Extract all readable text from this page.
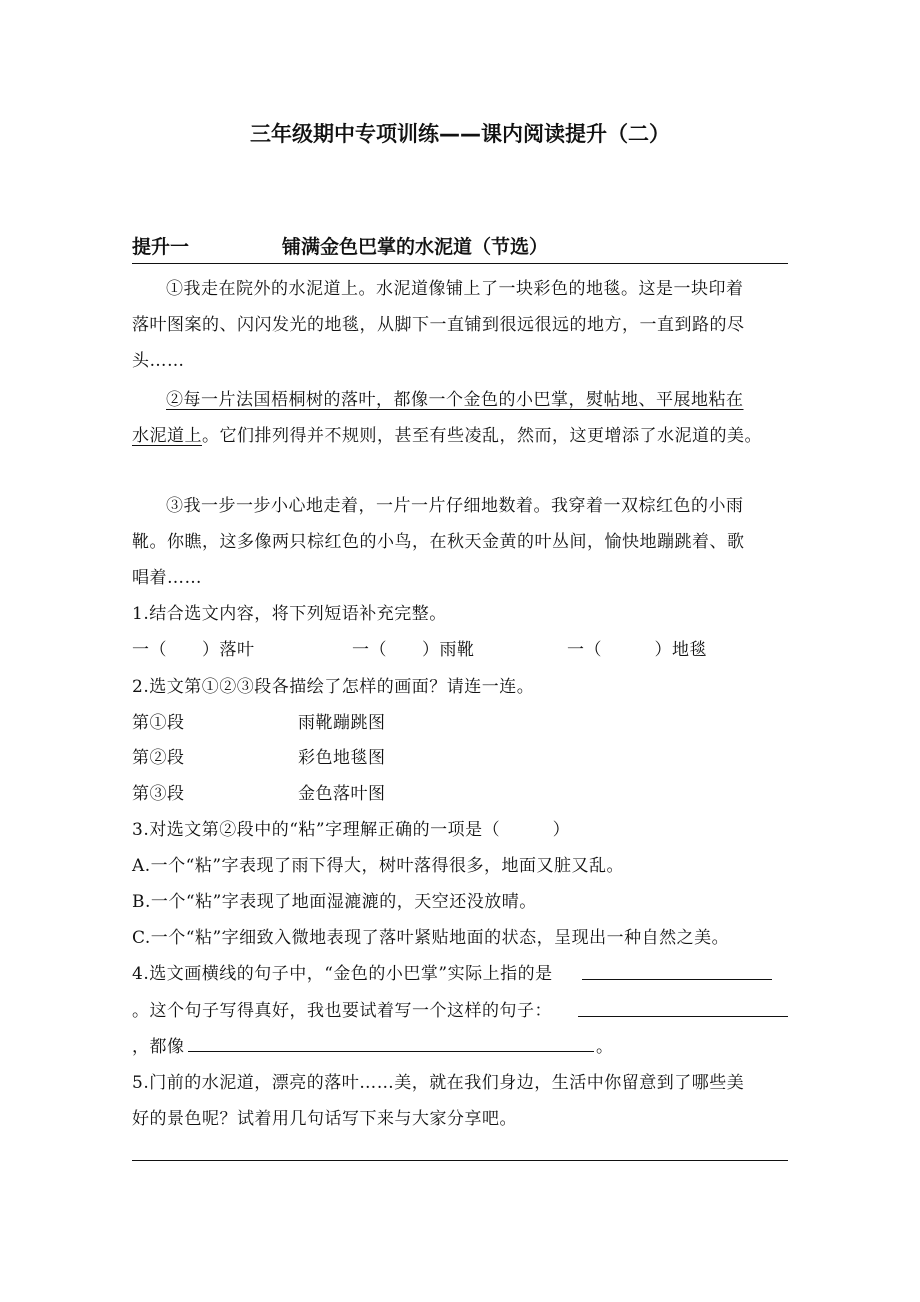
三年级期中专项训练——课内阅读提升（二）
提升一	铺满金色巴掌的水泥道（节选）
①我走在院外的水泥道上。水泥道像铺上了一块彩色的地毯。这是一块印着
落叶图案的、闪闪发光的地毯，从脚下一直铺到很远很远的地方，一直到路的尽
头……
②每一片法国梧桐树的落叶，都像一个金色的小巴掌，熨帖地、平展地粘在
水泥道上。它们排列得并不规则，甚至有些凌乱，然而，这更增添了水泥道的美。
③我一步一步小心地走着，一片一片仔细地数着。我穿着一双棕红色的小雨
靴。你瞧，这多像两只棕红色的小鸟，在秋天金黄的叶丛间，愉快地蹦跳着、歌
唱着……
1.结合选文内容，将下列短语补充完整。
一（　　）落叶	一（　　）雨靴	一（　　　）地毯
2.选文第①②③段各描绘了怎样的画面？请连一连。
第①段	雨靴蹦跳图
第②段	彩色地毯图
第③段	金色落叶图
3.对选文第②段中的“粘”字理解正确的一项是（　　　）
A.一个“粘”字表现了雨下得大，树叶落得很多，地面又脏又乱。
B.一个“粘”字表现了地面湿漉漉的，天空还没放晴。
C.一个“粘”字细致入微地表现了落叶紧贴地面的状态，呈现出一种自然之美。
4.选文画横线的句子中，“金色的小巴掌”实际上指的是
。这个句子写得真好，我也要试着写一个这样的句子：
，都像	。
5.门前的水泥道，漂亮的落叶……美，就在我们身边，生活中你留意到了哪些美
好的景色呢？试着用几句话写下来与大家分享吧。
